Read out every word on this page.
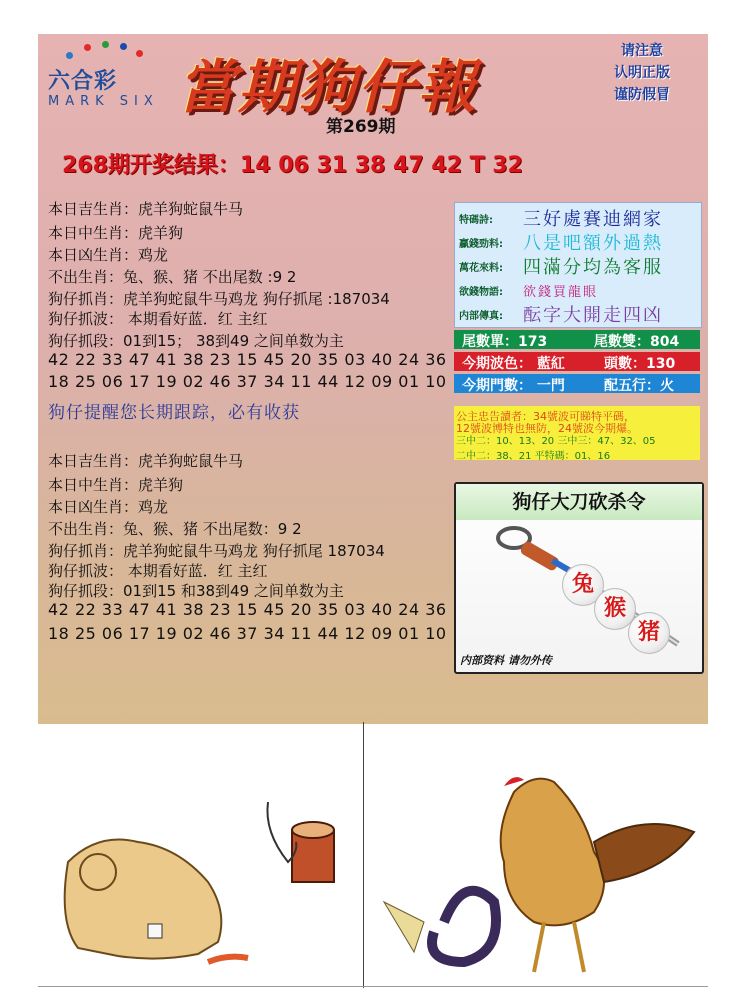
六合彩
MARK SIX 當期狗仔報
请注意
认明正版
谨防假冒
第269期
268期开奖结果：14 06 31 38 47 42 T 32
本日吉生肖：虎羊狗蛇鼠牛马
本日中生肖：虎羊狗
本日凶生肖：鸡龙
不出生肖：兔、猴、猪 不出尾数 :9 2
狗仔抓肖：虎羊狗蛇鼠牛马鸡龙 狗仔抓尾 :187034
狗仔抓波： 本期看好蓝．红 主红
狗仔抓段：01到15； 38到49 之间单数为主
42 22 33 47 41 38 23 15 45 20 35 03 40 24 36
18 25 06 17 19 02 46 37 34 11 44 12 09 01 10
狗仔提醒您长期跟踪，必有收获
本日吉生肖：虎羊狗蛇鼠牛马
本日中生肖：虎羊狗
本日凶生肖：鸡龙
不出生肖：兔、猴、猪 不出尾数：9 2
狗仔抓肖：虎羊狗蛇鼠牛马鸡龙 狗仔抓尾 187034
狗仔抓波： 本期看好蓝．红 主红
狗仔抓段：01到15 和38到49 之间单数为主
42 22 33 47 41 38 23 15 45 20 35 03 40 24 36
18 25 06 17 19 02 46 37 34 11 44 12 09 01 10
特碼詩: 三好處賽迪網家
贏錢勁料: 八是吧額外過熱
萬花來料: 四滿分均為客服
欲錢物語: 欲錢買龍眼
内部傳真: 酝字大開走四凶
尾數單：173	尾數雙：804
今期波色： 藍紅	頭數：130
今期門數： 一門	配五行：火
公主忠告讀者：34號波可睇特平碼，
12號波博特也無防，24號波今期爆。
三中二：10、13、20 三中三：47、32、05
二中二：38、21 平特碼：01、16
狗仔大刀砍杀令
兔
猴
猪
内部资料 请勿外传
